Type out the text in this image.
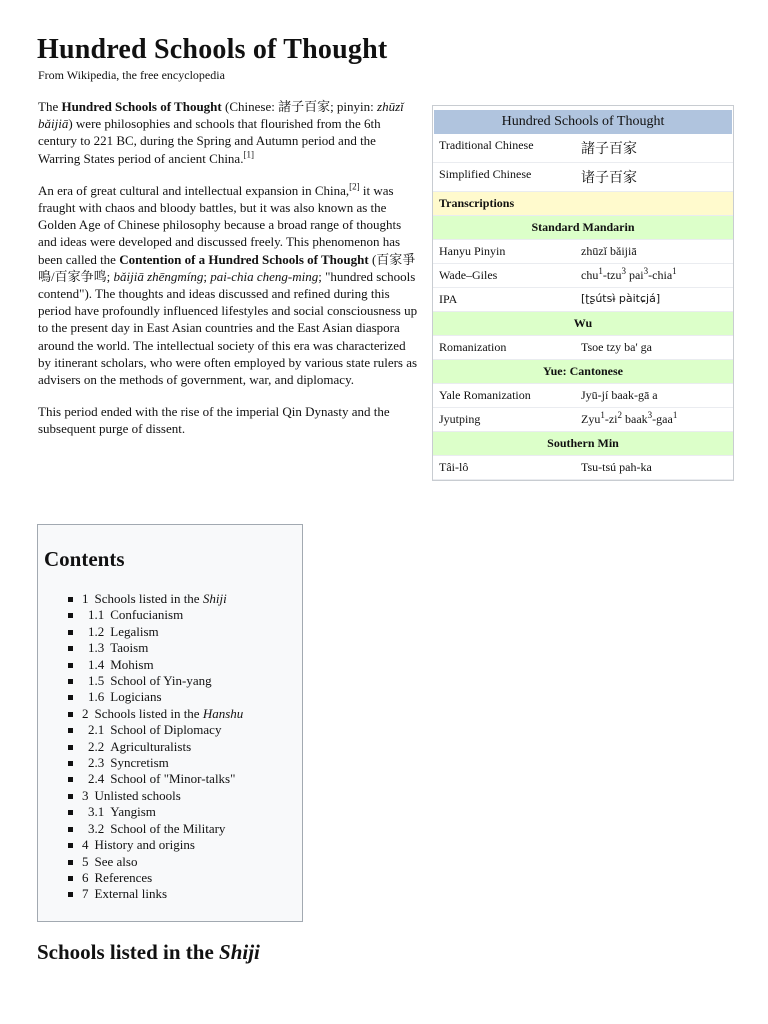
Hundred Schools of Thought
From Wikipedia, the free encyclopedia

The Hundred Schools of Thought (Chinese: 諸子百家; pinyin: zhūzǐ bǎijiā) were philosophies and schools that flourished from the 6th century to 221 BC, during the Spring and Autumn period and the Warring States period of ancient China.[1]

An era of great cultural and intellectual expansion in China,[2] it was fraught with chaos and bloody battles, but it was also known as the Golden Age of Chinese philosophy because a broad range of thoughts and ideas were developed and discussed freely. This phenomenon has been called the Contention of a Hundred Schools of Thought (百家爭鳴/百家争鸣; bǎijiā zhēngmíng; pai-chia cheng-ming; "hundred schools contend"). The thoughts and ideas discussed and refined during this period have profoundly influenced lifestyles and social consciousness up to the present day in East Asian countries and the East Asian diaspora around the world. The intellectual society of this era was characterized by itinerant scholars, who were often employed by various state rulers as advisers on the methods of government, war, and diplomacy.

This period ended with the rise of the imperial Qin Dynasty and the subsequent purge of dissent.

Hundred Schools of Thought
Traditional Chinese	諸子百家
Simplified Chinese	诸子百家
Transcriptions	
Standard Mandarin	
Hanyu Pinyin	zhūzǐ bǎijiā
Wade–Giles	chu$^1$-tzu$^3$ pai$^3$-chia$^1$
IPA	[ʈʂútsɨ̀ pàitɕjá]
Wu	
Romanization	Tsoe tzy ba' ga
Yue: Cantonese	
Yale Romanization	Jyū-jí baak-gā a
Jyutping	$Zyu^1-zi^2$ baak$^3$-gaa$^1$
Southern Min	
Tâi-lô	Tsu-tsú pah-ka
Contents
1 Schools listed in the Shiji
1.1 Confucianism
1.2 Legalism
1.3 Taoism
1.4 Mohism
1.5 School of Yin-yang
1.6 Logicians
2 Schools listed in the Hanshu
2.1 School of Diplomacy
2.2 Agriculturalists
2.3 Syncretism
2.4 School of "Minor-talks"
3 Unlisted schools
3.1 Yangism
3.2 School of the Military
4 History and origins
5 See also
6 References
7 External links
Schools listed in the Shiji
